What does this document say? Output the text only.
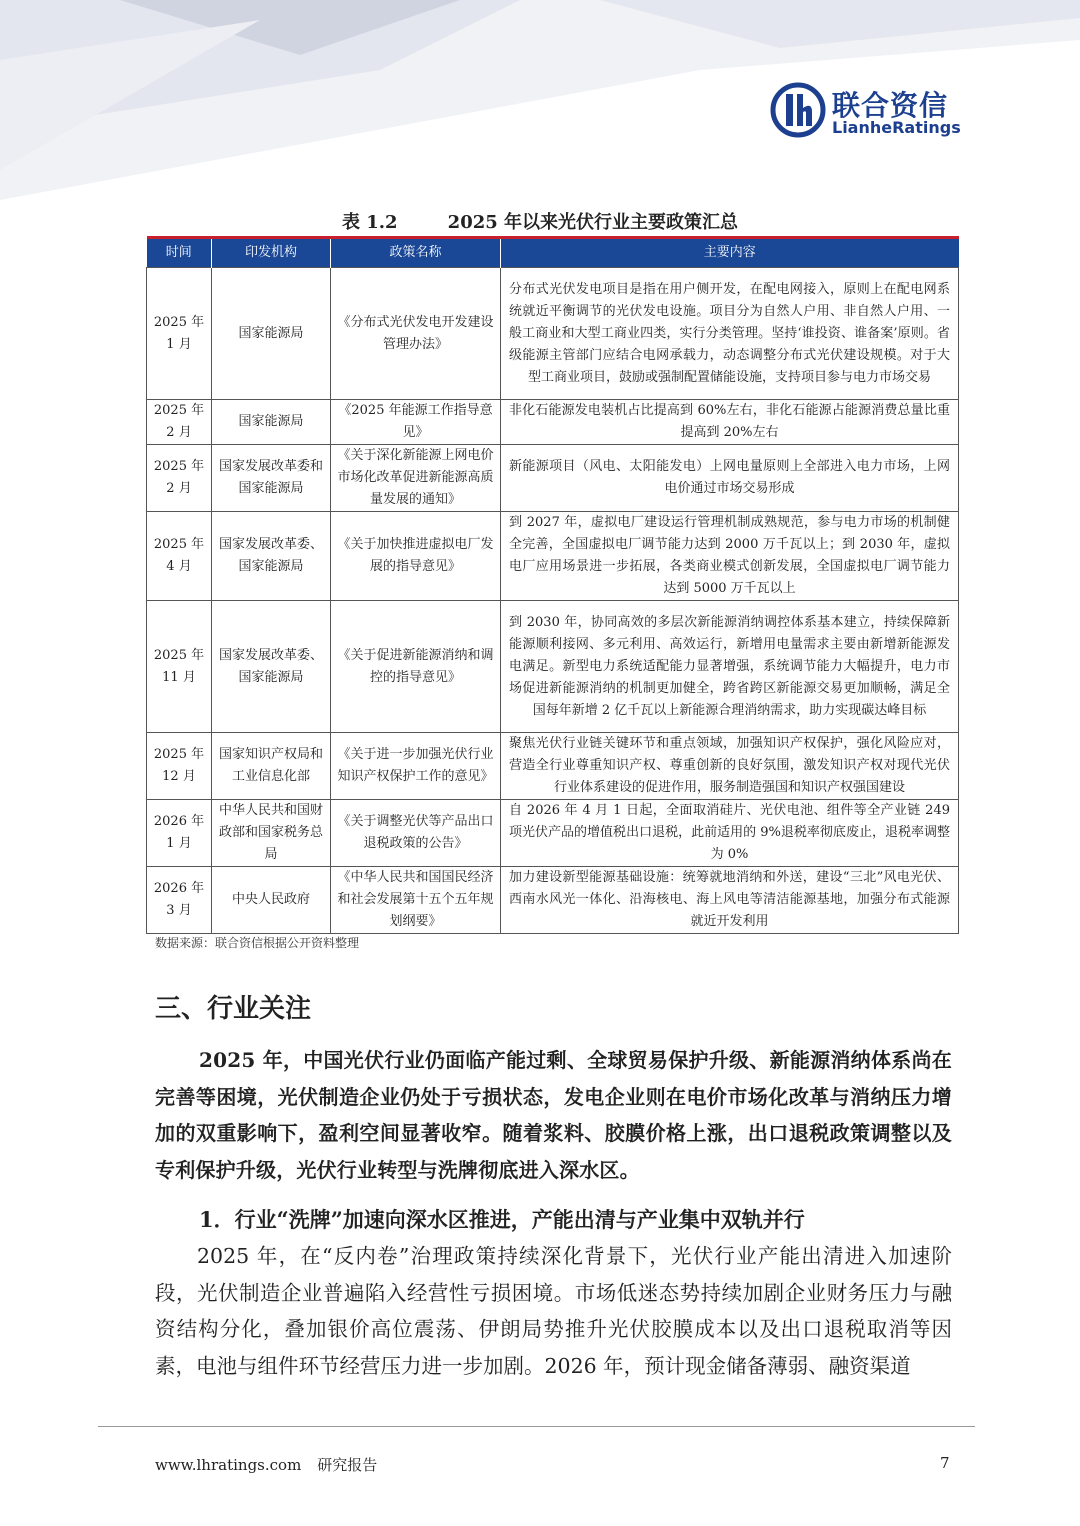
联合资信
LianheRatings
表 1.2        2025 年以来光伏行业主要政策汇总
时间	印发机构	政策名称	主要内容
2025 年
1 月	国家能源局	《分布式光伏发电开发建设管理办法》	分布式光伏发电项目是指在用户侧开发，在配电网接入，原则上在配电网系统就近平衡调节的光伏发电设施。项目分为自然人户用、非自然人户用、一般工商业和大型工商业四类，实行分类管理。坚持‘谁投资、谁备案’原则。省级能源主管部门应结合电网承载力，动态调整分布式光伏建设规模。对于大型工商业项目，鼓励或强制配置储能设施，支持项目参与电力市场交易
2025 年
2 月	国家能源局	《2025 年能源工作指导意见》	非化石能源发电装机占比提高到 60%左右，非化石能源占能源消费总量比重提高到 20%左右
2025 年
2 月	国家发展改革委和国家能源局	《关于深化新能源上网电价市场化改革促进新能源高质量发展的通知》	新能源项目（风电、太阳能发电）上网电量原则上全部进入电力市场，上网电价通过市场交易形成
2025 年
4 月	国家发展改革委、国家能源局	《关于加快推进虚拟电厂发展的指导意见》	到 2027 年，虚拟电厂建设运行管理机制成熟规范，参与电力市场的机制健全完善，全国虚拟电厂调节能力达到 2000 万千瓦以上；到 2030 年，虚拟电厂应用场景进一步拓展，各类商业模式创新发展，全国虚拟电厂调节能力达到 5000 万千瓦以上
2025 年
11 月	国家发展改革委、国家能源局	《关于促进新能源消纳和调控的指导意见》	到 2030 年，协同高效的多层次新能源消纳调控体系基本建立，持续保障新能源顺利接网、多元利用、高效运行，新增用电量需求主要由新增新能源发电满足。新型电力系统适配能力显著增强，系统调节能力大幅提升，电力市场促进新能源消纳的机制更加健全，跨省跨区新能源交易更加顺畅，满足全国每年新增 2 亿千瓦以上新能源合理消纳需求，助力实现碳达峰目标
2025 年
12 月	国家知识产权局和工业信息化部	《关于进一步加强光伏行业知识产权保护工作的意见》	聚焦光伏行业链关键环节和重点领域，加强知识产权保护，强化风险应对，营造全行业尊重知识产权、尊重创新的良好氛围，激发知识产权对现代光伏行业体系建设的促进作用，服务制造强国和知识产权强国建设
2026 年
1 月	中华人民共和国财政部和国家税务总局	《关于调整光伏等产品出口退税政策的公告》	自 2026 年 4 月 1 日起，全面取消硅片、光伏电池、组件等全产业链 249 项光伏产品的增值税出口退税，此前适用的 9%退税率彻底废止，退税率调整为 0%
2026 年
3 月	中央人民政府	《中华人民共和国国民经济和社会发展第十五个五年规划纲要》	加力建设新型能源基础设施：统筹就地消纳和外送，建设“三北”风电光伏、西南水风光一体化、沿海核电、海上风电等清洁能源基地，加强分布式能源就近开发利用
数据来源：联合资信根据公开资料整理
三、行业关注
2025 年，中国光伏行业仍面临产能过剩、全球贸易保护升级、新能源消纳体系尚在完善等困境，光伏制造企业仍处于亏损状态，发电企业则在电价市场化改革与消纳压力增加的双重影响下，盈利空间显著收窄。随着浆料、胶膜价格上涨，出口退税政策调整以及专利保护升级，光伏行业转型与洗牌彻底进入深水区。
1．行业“洗牌”加速向深水区推进，产能出清与产业集中双轨并行
2025 年，在“反内卷”治理政策持续深化背景下，光伏行业产能出清进入加速阶段，光伏制造企业普遍陷入经营性亏损困境。市场低迷态势持续加剧企业财务压力与融资结构分化，叠加银价高位震荡、伊朗局势推升光伏胶膜成本以及出口退税取消等因素，电池与组件环节经营压力进一步加剧。2026 年，预计现金储备薄弱、融资渠道
www.lhratings.com 研究报告	7
